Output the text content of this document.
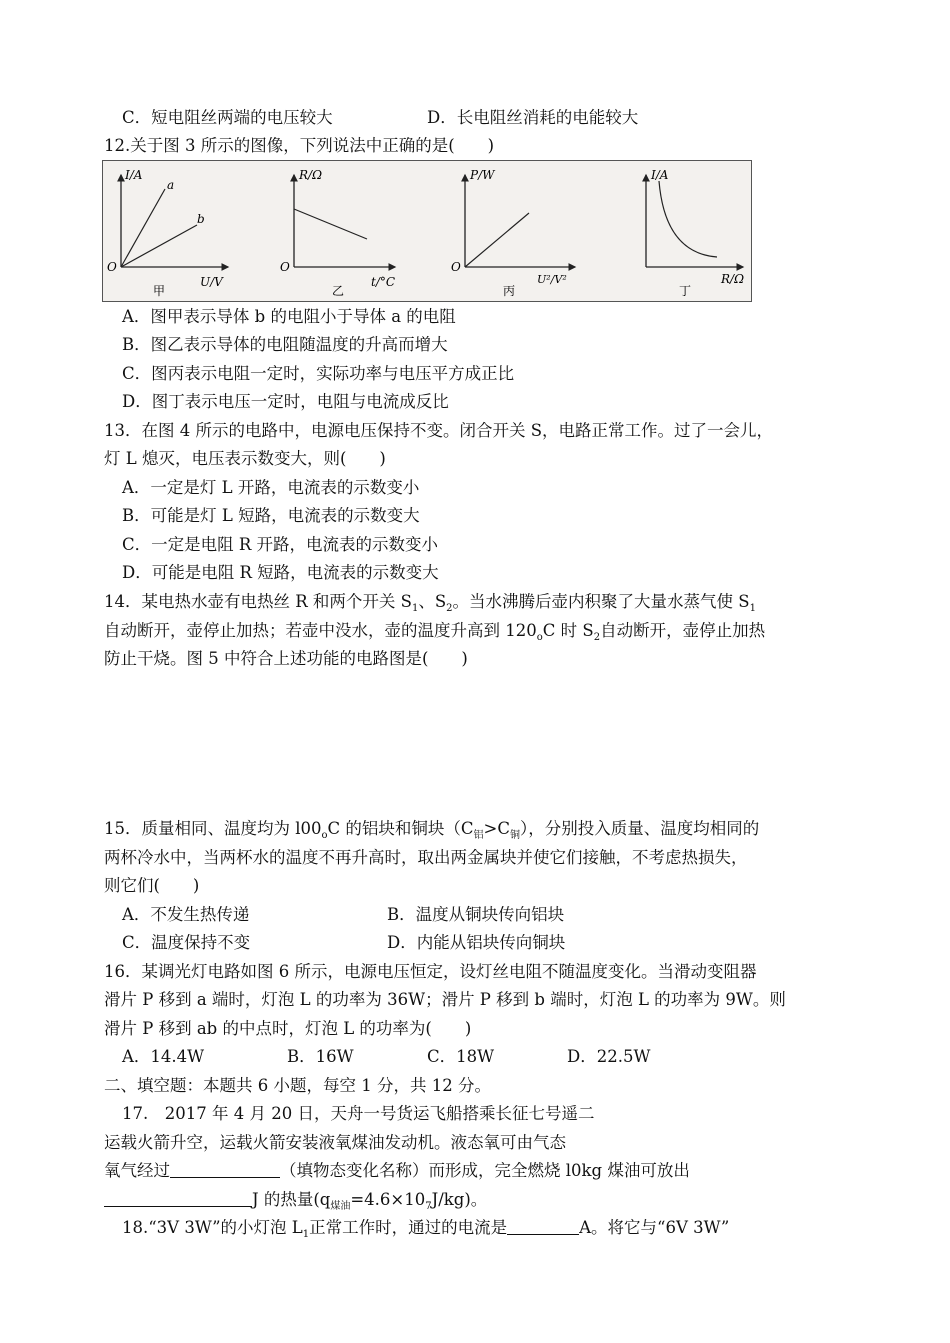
C．短电阻丝两端的电压较大	D．长电阻丝消耗的电能较大
12.关于图 3 所示的图像，下列说法中正确的是(　　)
I/A
U/V
O
a
b
甲
R/Ω
t/°C
O
乙
P/W
U²/V²
O
丙
I/A
R/Ω
丁
A．图甲表示导体 b 的电阻小于导体 a 的电阻
B．图乙表示导体的电阻随温度的升高而增大
C．图丙表示电阻一定时，实际功率与电压平方成正比
D．图丁表示电压一定时，电阻与电流成反比
13．在图 4 所示的电路中，电源电压保持不变。闭合开关 S，电路正常工作。过了一会儿，
灯 L 熄灭，电压表示数变大，则(　　)
A．一定是灯 L 开路，电流表的示数变小
B．可能是灯 L 短路，电流表的示数变大
C．一定是电阻 R 开路，电流表的示数变小
D．可能是电阻 R 短路，电流表的示数变大
14．某电热水壶有电热丝 R 和两个开关 $S_1$、$S_2$。当水沸腾后壶内积聚了大量水蒸气使 $S_1$
自动断开，壶停止加热；若壶中没水，壶的温度升高到 $120_oC$ 时 $S_2$自动断开，壶停止加热
防止干烧。图 5 中符合上述功能的电路图是(　　)
15．质量相同、温度均为 $l00_oC$ 的铝块和铜块$(C_铝>C_铜)$，分别投入质量、温度均相同的
两杯冷水中，当两杯水的温度不再升高时，取出两金属块并使它们接触，不考虑热损失，
则它们(　　)
A．不发生热传递	B．温度从铜块传向铝块
C．温度保持不变	D．内能从铝块传向铜块
16．某调光灯电路如图 6 所示，电源电压恒定，设灯丝电阻不随温度变化。当滑动变阻器
滑片 P 移到 a 端时，灯泡 L 的功率为 36W；滑片 P 移到 b 端时，灯泡 L 的功率为 9W。则
滑片 P 移到 ab 的中点时，灯泡 L 的功率为(　　)
A．14.4W	B．16W	C．18W	D．22.5W
二、填空题：本题共 6 小题，每空 1 分，共 12 分。
17.　2017 年 4 月 20 日，天舟一号货运飞船搭乘长征七号遥二
运载火箭升空，运载火箭安装液氧煤油发动机。液态氧可由气态
氧气经过	（填物态变化名称）而形成，完全燃烧 l0kg 煤油可放出
J 的热量$(q_{煤油}=4.6\times 10_7J/kg)$。
18.“3V 3W”的小灯泡 $L_1$正常工作时，通过的电流是	A。将它与“6V 3W”
